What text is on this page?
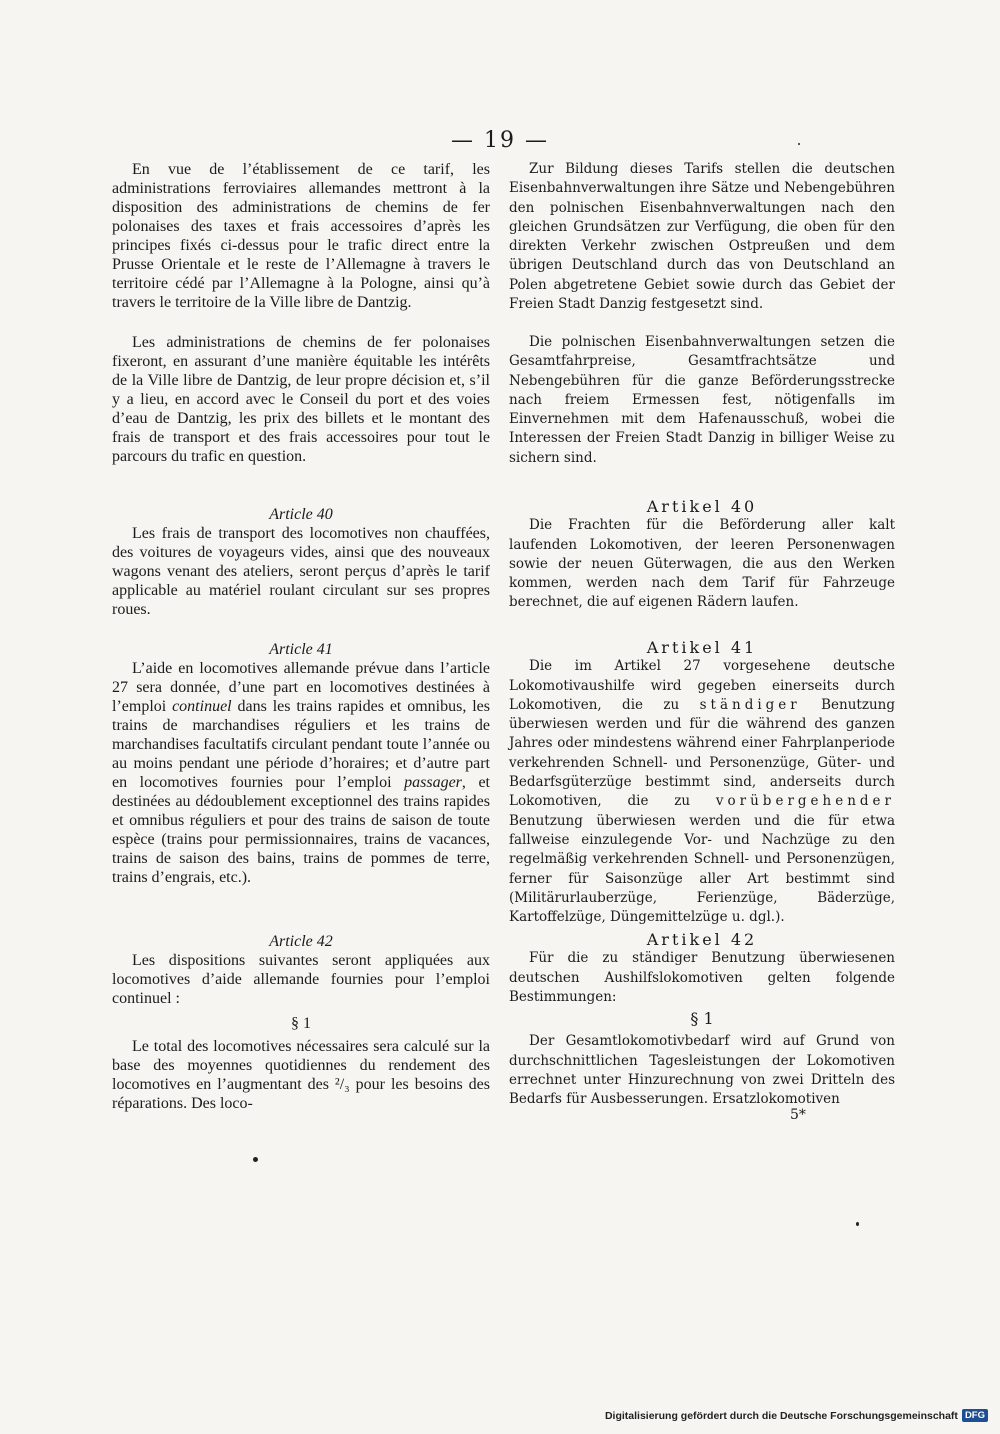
— 19 —

En vue de l’établissement de ce tarif, les administrations ferroviaires allemandes mettront à la disposition des administrations de chemins de fer polonaises des taxes et frais accessoires d’après les principes fixés ci-dessus pour le trafic direct entre la Prusse Orientale et le reste de l’Allemagne à travers le territoire cédé par l’Allemagne à la Pologne, ainsi qu’à travers le territoire de la Ville libre de Dantzig.

Les administrations de chemins de fer polonaises fixeront, en assurant d’une manière équitable les intérêts de la Ville libre de Dantzig, de leur propre décision et, s’il y a lieu, en accord avec le Conseil du port et des voies d’eau de Dantzig, les prix des billets et le montant des frais de transport et des frais accessoires pour tout le parcours du trafic en question.

Article 40

Les frais de transport des locomotives non chauffées, des voitures de voyageurs vides, ainsi que des nouveaux wagons venant des ateliers, seront perçus d’après le tarif applicable au matériel roulant circulant sur ses propres roues.

Article 41

L’aide en locomotives allemande prévue dans l’article 27 sera donnée, d’une part en locomotives destinées à l’emploi continuel dans les trains rapides et omnibus, les trains de marchandises réguliers et les trains de marchandises facultatifs circulant pendant toute l’année ou au moins pendant une période d’horaires; et d’autre part en locomotives fournies pour l’emploi passager, et destinées au dédoublement exceptionnel des trains rapides et omnibus réguliers et pour des trains de saison de toute espèce (trains pour permissionnaires, trains de vacances, trains de saison des bains, trains de pommes de terre, trains d’engrais, etc.).

Article 42

Les dispositions suivantes seront appliquées aux locomotives d’aide allemande fournies pour l’emploi continuel :

§ 1

Le total des locomotives nécessaires sera calculé sur la base des moyennes quotidiennes du rendement des locomotives en l’augmentant des ²/₃ pour les besoins des réparations. Des loco-

Zur Bildung dieses Tarifs stellen die deutschen Eisenbahnverwaltungen ihre Sätze und Nebengebühren den polnischen Eisenbahnverwaltungen nach den gleichen Grundsätzen zur Verfügung, die oben für den direkten Verkehr zwischen Ostpreußen und dem übrigen Deutschland durch das von Deutschland an Polen abgetretene Gebiet sowie durch das Gebiet der Freien Stadt Danzig festgesetzt sind.

Die polnischen Eisenbahnverwaltungen setzen die Gesamtfahrpreise, Gesamtfrachtsätze und Nebengebühren für die ganze Beförderungsstrecke nach freiem Ermessen fest, nötigenfalls im Einvernehmen mit dem Hafenausschuß, wobei die Interessen der Freien Stadt Danzig in billiger Weise zu sichern sind.

Artikel 40

Die Frachten für die Beförderung aller kalt laufenden Lokomotiven, der leeren Personenwagen sowie der neuen Güterwagen, die aus den Werken kommen, werden nach dem Tarif für Fahrzeuge berechnet, die auf eigenen Rädern laufen.

Artikel 41

Die im Artikel 27 vorgesehene deutsche Lokomotivaushilfe wird gegeben einerseits durch Lokomotiven, die zu ständiger Benutzung überwiesen werden und für die während des ganzen Jahres oder mindestens während einer Fahrplanperiode verkehrenden Schnell- und Personenzüge, Güter- und Bedarfsgüterzüge bestimmt sind, anderseits durch Lokomotiven, die zu vorübergehender Benutzung überwiesen werden und die für etwa fallweise einzulegende Vor- und Nachzüge zu den regelmäßig verkehrenden Schnell- und Personenzügen, ferner für Saisonzüge aller Art bestimmt sind (Militärurlauberzüge, Ferienzüge, Bäderzüge, Kartoffelzüge, Düngemittelzüge u. dgl.).

Artikel 42

Für die zu ständiger Benutzung überwiesenen deutschen Aushilfslokomotiven gelten folgende Bestimmungen:

§ 1

Der Gesamtlokomotivbedarf wird auf Grund von durchschnittlichen Tagesleistungen der Lokomotiven errechnet unter Hinzurechnung von zwei Dritteln des Bedarfs für Ausbesserungen. Ersatzlokomotiven

5*
Digitalisierung gefördert durch die Deutsche Forschungsgemeinschaft DFG
